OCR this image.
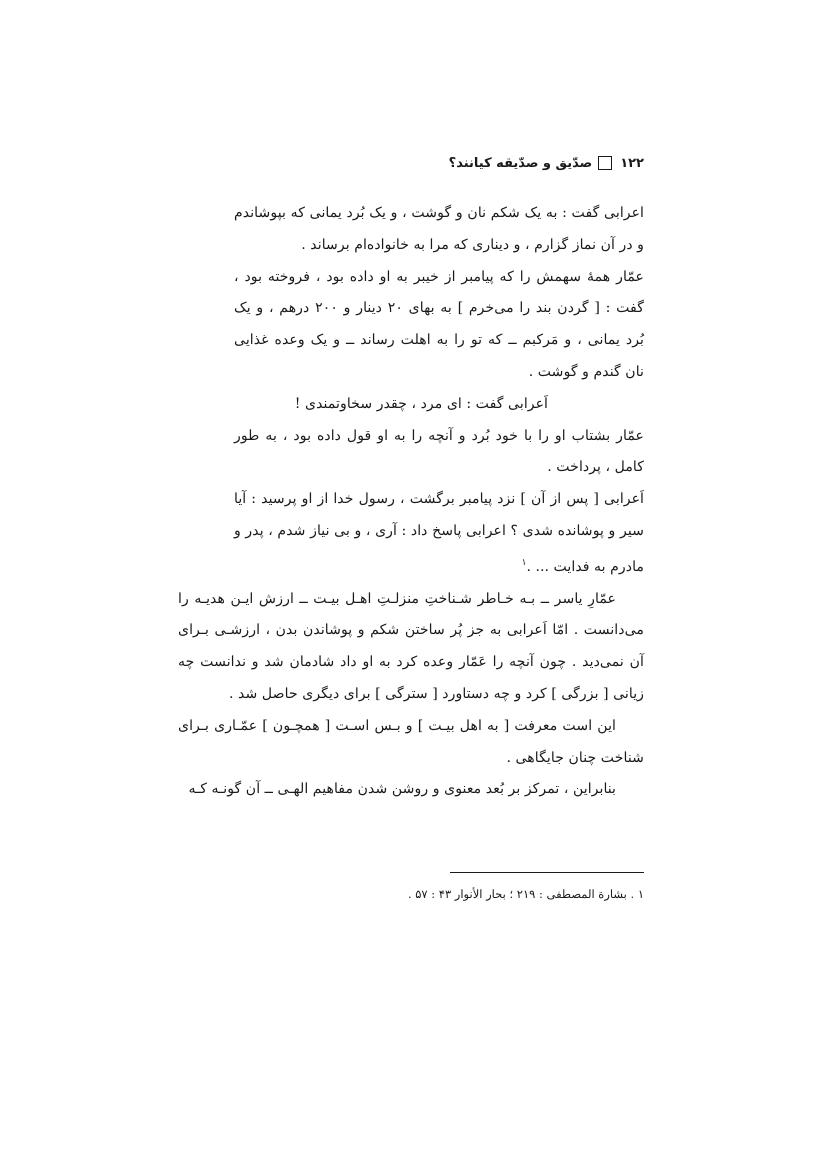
۱۲۲
صدّیق و صدّیقه کیانند؟

اعرابی گفت : به یک شکم نان و گوشت ، و یک بُرد یمانی که بپوشاندم و در آن نماز گزارم ، و دیناری که مرا به خانواده‌ام برساند .

عمّار همهٔ سهمش را که پیامبر از خیبر به او داده بود ، فروخته بود ، گفت : [ گردن بند را می‌خرم ] به بهای ۲۰ دینار و ۲۰۰ درهم ، و یک بُرد یمانی ، و مَرکبم ــ که تو را به اهلت رساند ــ و یک وعده غذایی نان گندم و گوشت .

اَعرابی گفت : ای مرد ، چقدر سخاوتمندی !

عمّار بشتاب او را با خود بُرد و آنچه را به او قول داده بود ، به طور کامل ، پرداخت .

اَعرابی [ پس از آن ] نزد پیامبر برگشت ، رسول خدا از او پرسید : آیا سیر و پوشانده شدی ؟ اعرابی پاسخ داد : آری ، و بی نیاز شدم ، پدر و مادرم به فدایت ... .$^۱$

عمّارِ یاسر ــ بـه خـاطر شـناختِ منزلـتِ اهـل بیـت ــ ارزش ایـن هدیـه را می‌دانست . امّا اَعرابی به جز پُر ساختن شکم و پوشاندن بدن ، ارزشـی بـرای آن نمی‌دید . چون آنچه را عَمّار وعده کرد به او داد شادمان شد و ندانست چه زیانی [ بزرگی ] کرد و چه دستاورد [ سترگی ] برای دیگری حاصل شد .

این است معرفت [ به اهل بیـت ] و بـس اسـت [ همچـون ] عمّـاری بـرای شناخت چنان جایگاهی .

بنابراین ، تمرکز بر بُعد معنوی و روشن شدن مفاهیم الهـی ــ آن گونـه کـه

۱ . بشارة المصطفی : ۲۱۹ ؛ بحار الأنوار ۴۳ : ۵۷ .
